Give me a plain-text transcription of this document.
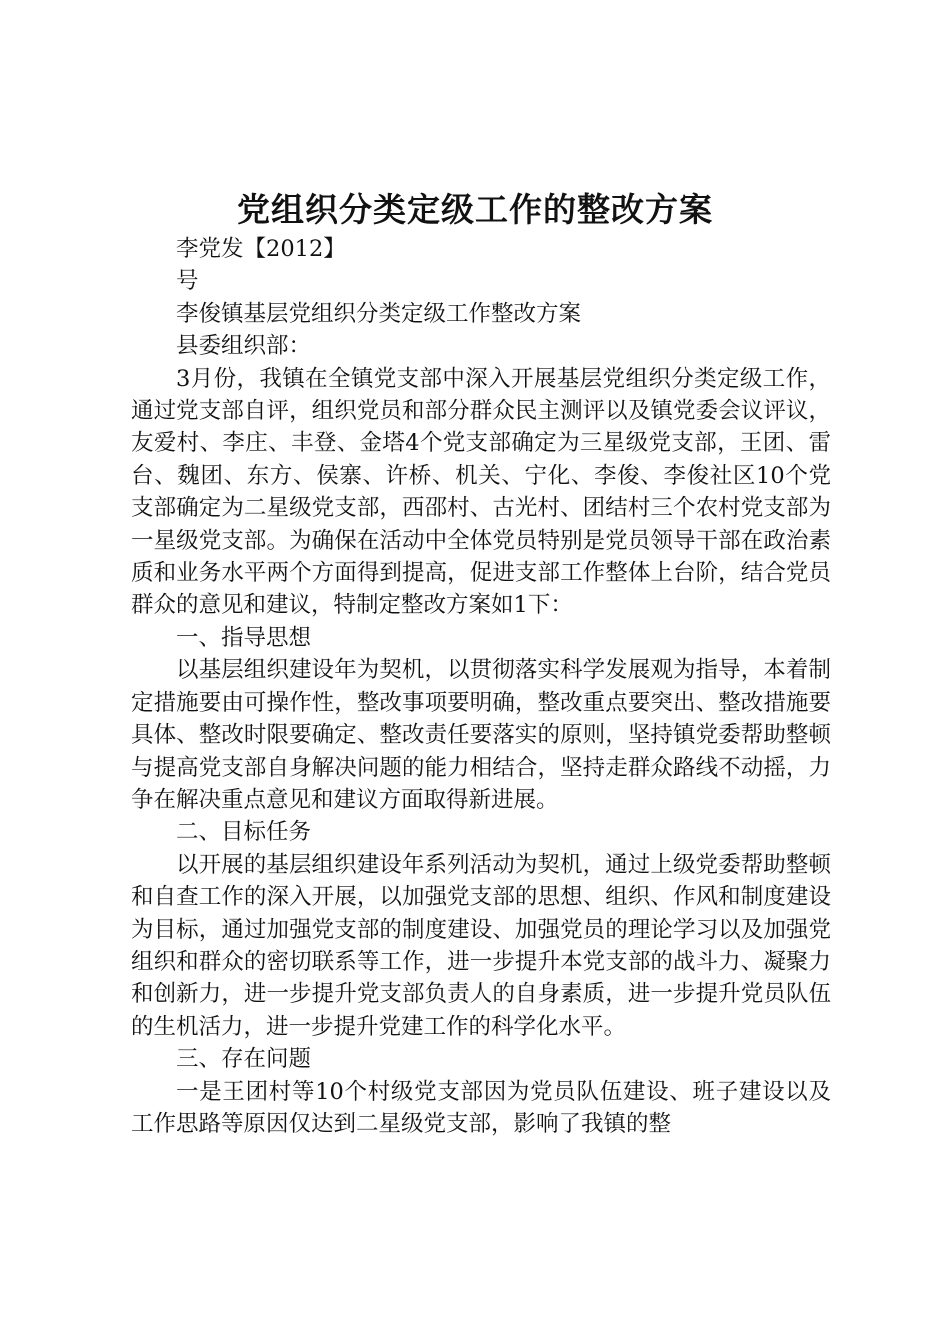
党组织分类定级工作的整改方案

李党发【2012】

号

李俊镇基层党组织分类定级工作整改方案

县委组织部：

3月份，我镇在全镇党支部中深入开展基层党组织分类定级工作，通过党支部自评，组织党员和部分群众民主测评以及镇党委会议评议，友爱村、李庄、丰登、金塔4个党支部确定为三星级党支部，王团、雷台、魏团、东方、侯寨、许桥、机关、宁化、李俊、李俊社区10个党支部确定为二星级党支部，西邵村、古光村、团结村三个农村党支部为一星级党支部。为确保在活动中全体党员特别是党员领导干部在政治素质和业务水平两个方面得到提高，促进支部工作整体上台阶，结合党员群众的意见和建议，特制定整改方案如1下：

一、指导思想

以基层组织建设年为契机，以贯彻落实科学发展观为指导，本着制定措施要由可操作性，整改事项要明确，整改重点要突出、整改措施要具体、整改时限要确定、整改责任要落实的原则，坚持镇党委帮助整顿与提高党支部自身解决问题的能力相结合，坚持走群众路线不动摇，力争在解决重点意见和建议方面取得新进展。

二、目标任务

以开展的基层组织建设年系列活动为契机，通过上级党委帮助整顿和自查工作的深入开展，以加强党支部的思想、组织、作风和制度建设为目标，通过加强党支部的制度建设、加强党员的理论学习以及加强党组织和群众的密切联系等工作，进一步提升本党支部的战斗力、凝聚力和创新力，进一步提升党支部负责人的自身素质，进一步提升党员队伍的生机活力，进一步提升党建工作的科学化水平。

三、存在问题

一是王团村等10个村级党支部因为党员队伍建设、班子建设以及工作思路等原因仅达到二星级党支部，影响了我镇的整
